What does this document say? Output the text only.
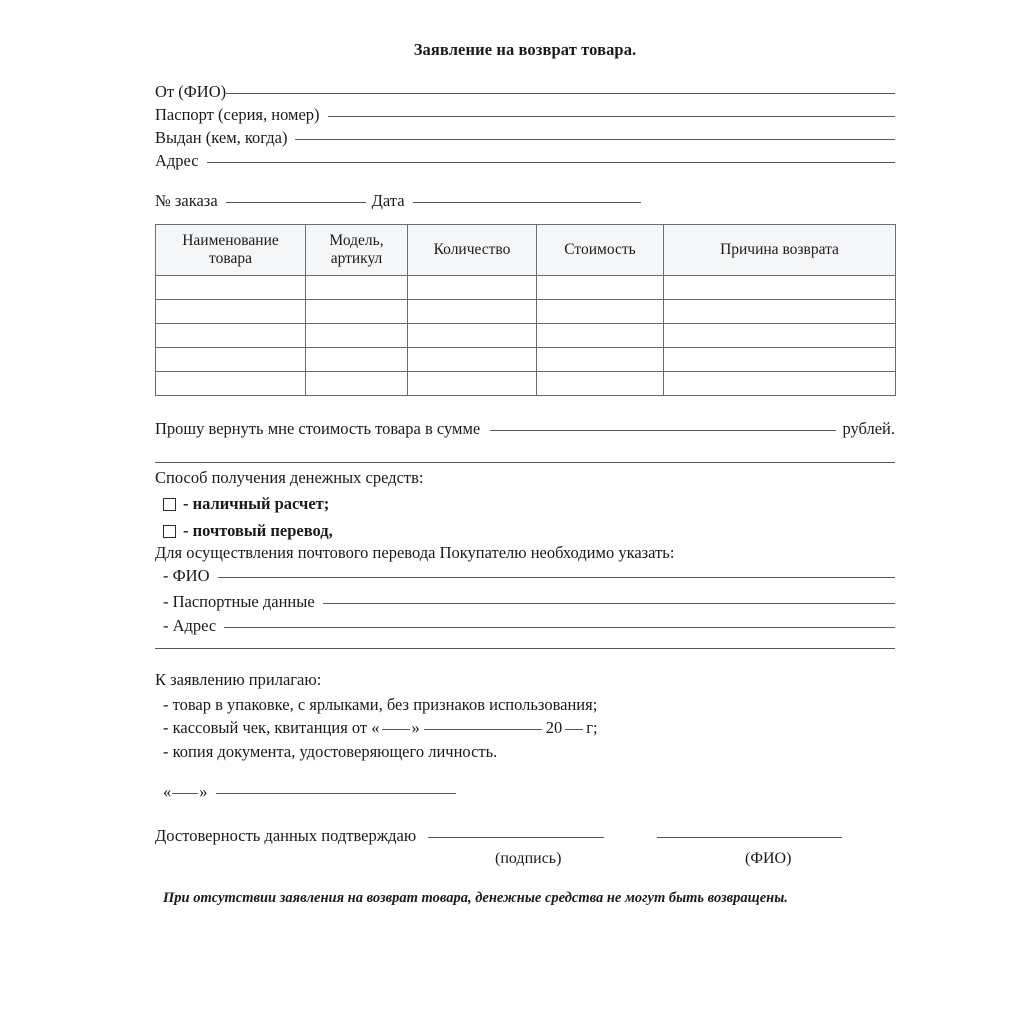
Заявление на возврат товара.
От (ФИО)
Паспорт (серия, номер)
Выдан (кем, когда)
Адрес
№ заказа	Дата
Наименование товара	Модель, артикул	Количество	Стоимость	Причина возврата

Прошу вернуть мне стоимость товара в сумме	рублей.
Способ получения денежных средств:
- наличный расчет;
- почтовый перевод,
Для осуществления почтового перевода Покупателю необходимо указать:
- ФИО
- Паспортные данные
- Адрес
К заявлению прилагаю:
- товар в упаковке, с ярлыками, без признаков использования;
- кассовый чек, квитанция от « »	20 г;
- копия документа, удостоверяющего личность.
« »
Достоверность данных подтверждаю
(подпись)	(ФИО)
При отсутствии заявления на возврат товара, денежные средства не могут быть возвращены.
